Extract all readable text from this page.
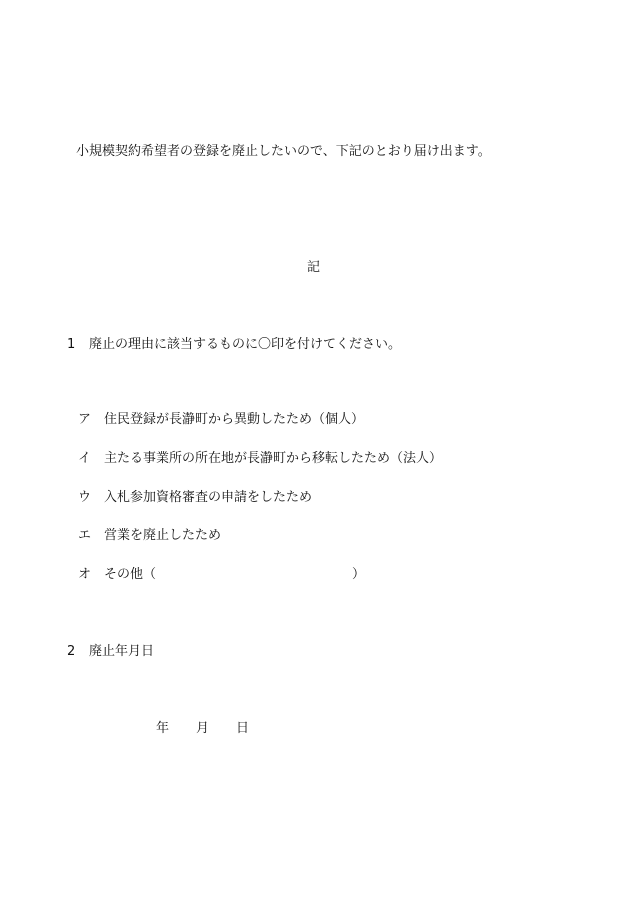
小規模契約希望者の登録を廃止したいので、下記のとおり届け出ます。
記
1 廃止の理由に該当するものに〇印を付けてください。
ア 住民登録が長瀞町から異動したため（個人）
イ 主たる事業所の所在地が長瀞町から移転したため（法人）
ウ 入札参加資格審査の申請をしたため
エ 営業を廃止したため
オ その他（	）
2 廃止年月日
年 月 日
